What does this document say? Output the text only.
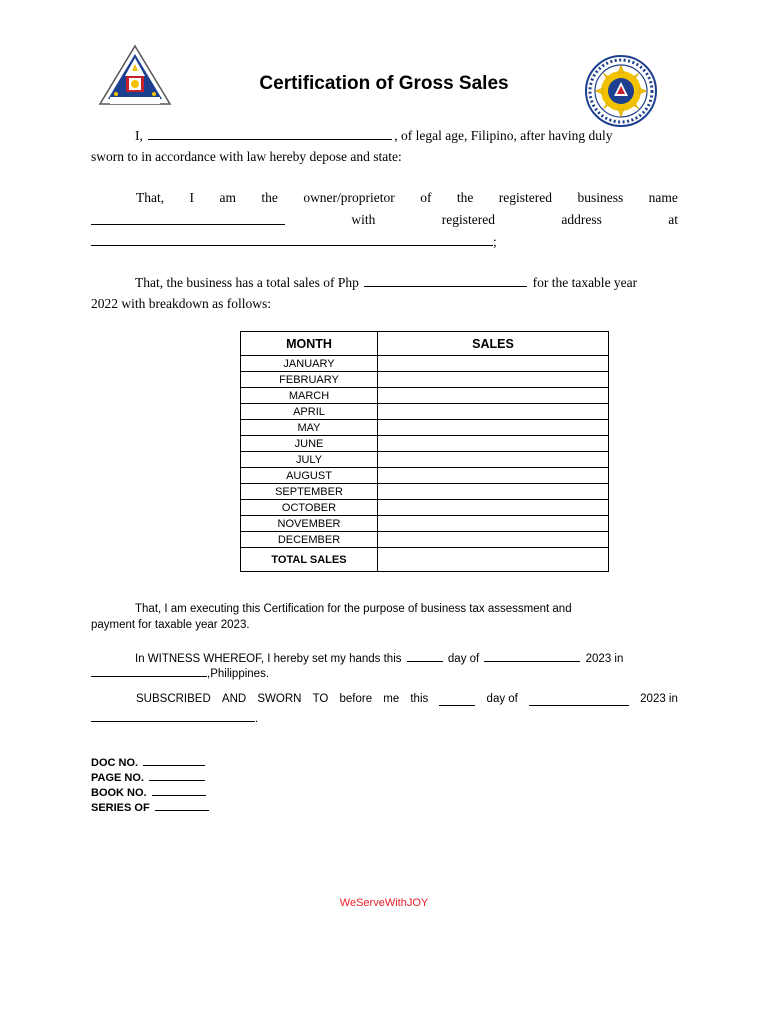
Certification of Gross Sales
I,	, of legal age, Filipino, after having duly
sworn to in accordance with law hereby depose and state:
That, I am the owner/proprietor of the registered business name
with	registered	address	at
;
That, the business has a total sales of Php	for the taxable year
2022 with breakdown as follows:
MONTH	SALES
JANUARY	
FEBRUARY	
MARCH	
APRIL	
MAY	
JUNE	
JULY	
AUGUST	
SEPTEMBER	
OCTOBER	
NOVEMBER	
DECEMBER	
TOTAL SALES	
That, I am executing this Certification for the purpose of business tax assessment and
payment for taxable year 2023.
In WITNESS WHEREOF, I hereby set my hands this	day of	2023 in
,Philippines.
SUBSCRIBED AND SWORN TO before me this	day of	2023 in
.
DOC NO.
PAGE NO.
BOOK NO.
SERIES OF
WeServeWithJOY
